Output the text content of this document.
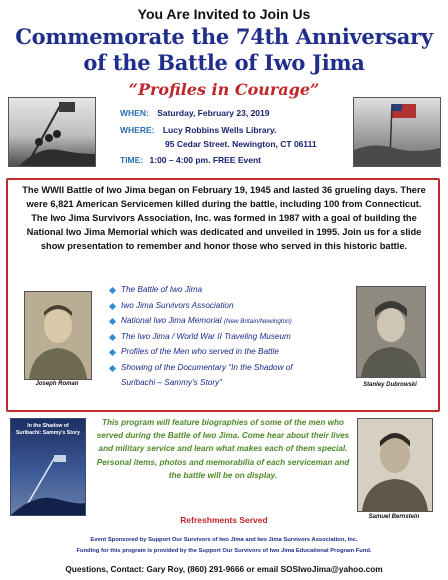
You Are Invited to Join Us
Commemorate the 74th Anniversary
of the Battle of Iwo Jima
“Profiles in Courage”
WHEN: Saturday, February 23, 2019
WHERE: Lucy Robbins Wells Library.
95 Cedar Street. Newington, CT 06111
TIME: 1:00 – 4:00 pm. FREE Event
The WWII Battle of Iwo Jima began on February 19, 1945 and lasted 36 grueling days. There were 6,821 American Servicemen killed during the battle, including 100 from Connecticut. The Iwo Jima Survivors Association, Inc. was formed in 1987 with a goal of building the National Iwo Jima Memorial which was dedicated and unveiled in 1995. Join us for a slide show presentation to remember and honor those who served in this historic battle.
Joseph Roman	Stanley Dubrowski
The Battle of Iwo Jima
Iwo Jima Survivors Association
National Iwo Jima Memorial (New Britain/Newington)
The Iwo Jima / World War II Traveling Museum
Profiles of the Men who served in the Battle
Showing of the Documentary “In the Shadow of
Suribachi – Sammy’s Story”
In the Shadow of Suribachi: Sammy's Story
This program will feature biographies of some of the men who served during the Battle of Iwo Jima. Come hear about their lives and military service and learn what makes each of them special. Personal items, photos and memorabilia of each serviceman and the battle will be on display.
Samuel Bernstein
Refreshments Served
Event Sponsored by Support Our Survivors of Iwo Jima and Iwo Jima Survivors Association, Inc.
Funding for this program is provided by the Support Our Survivors of Iwo Jima Educational Program Fund.
Questions, Contact: Gary Roy, (860) 291-9666 or email SOSIwoJima@yahoo.com
